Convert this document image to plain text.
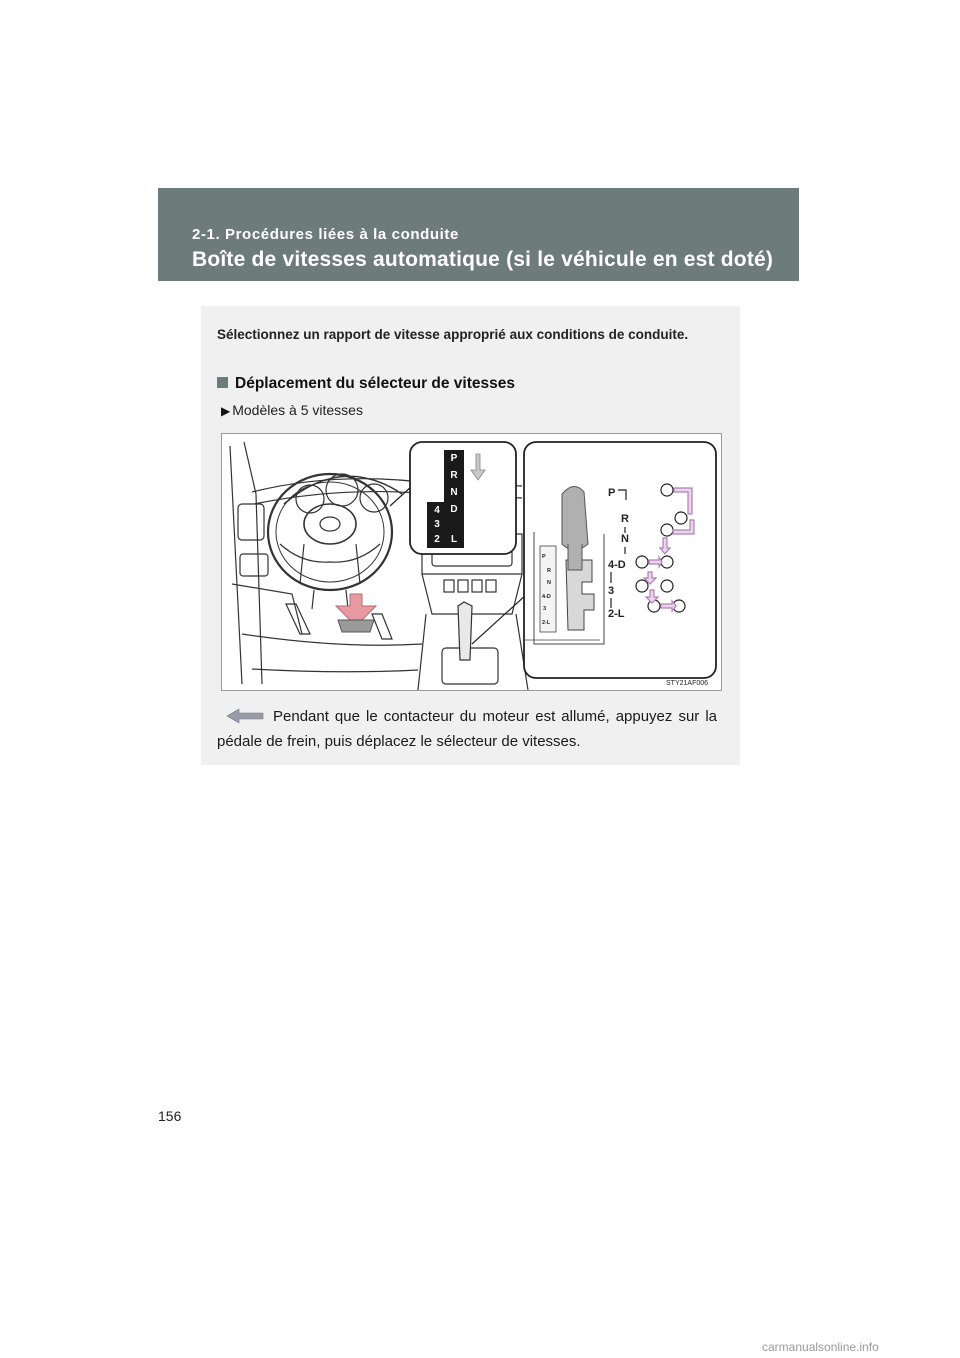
2-1. Procédures liées à la conduite
Boîte de vitesses automatique (si le véhicule en est doté)
Sélectionnez un rapport de vitesse approprié aux conditions de conduite.
Déplacement du sélecteur de vitesses
▶ Modèles à 5 vitesses
4
3
2
P
R
N
D
L
P
R
N
4-D
3
2-L
P
R
N
4-D
3
2-L
STY21AF006
Pendant que le contacteur du moteur est allumé, appuyez sur la pédale de frein, puis déplacez le sélecteur de vitesses.
156
carmanualsonline.info
